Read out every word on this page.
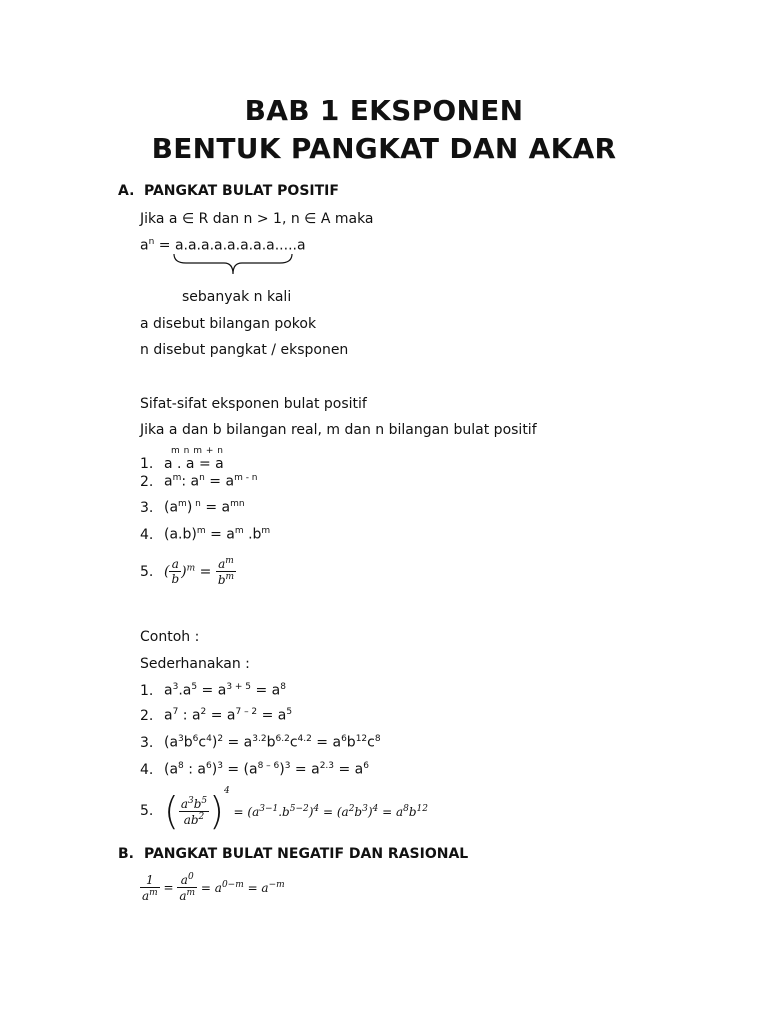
BAB 1 EKSPONEN
BENTUK PANGKAT DAN AKAR
A. PANGKAT BULAT POSITIF
Jika a ∈ R dan n > 1, n ∈ A maka
$a^n = a.a.a.a.a.a.a.a.....a$
sebanyak n kali
a disebut bilangan pokok
n disebut pangkat / eksponen
Sifat-sifat eksponen bulat positif
Jika a dan b bilangan real, m dan n bilangan bulat positif
m n m + n
1. a . a = a
2. $a^m$: $a^n = a^{m - n}$
3. $(a^m) ^n = a^{mn}$
4. $(a.b)^m = a^m$ $.b^m$
5. ( $\frac{a}{b} )^m = \frac{a^m}{b^m}$
Contoh :
Sederhanakan :
1. $a^3.a^5 = a^{3 + 5} = a^8$
2. $a^7$ : $a^2 = a^{7 - 2} = a^5$
3. $(a^3b^6c^4)^2 = a^{3.2}b^{6.2}c^{4.2} = a^6b^{12}c^8$
4. ($a^8$ : $a^6)^3 = (a^{8 - 6})^3 = a^{2.3} = a^6$
5. ( $\frac{a^3b^5}{ab^2} )^4 = (a^{3-1}.b^{5-2})^4 = (a^2b^3)^4 = a^8b^{12}$
B. PANGKAT BULAT NEGATIF DAN RASIONAL
$\frac{1}{a^m} = \frac{a^0}{a^m} = a^{0-m} = a^{-m}$
